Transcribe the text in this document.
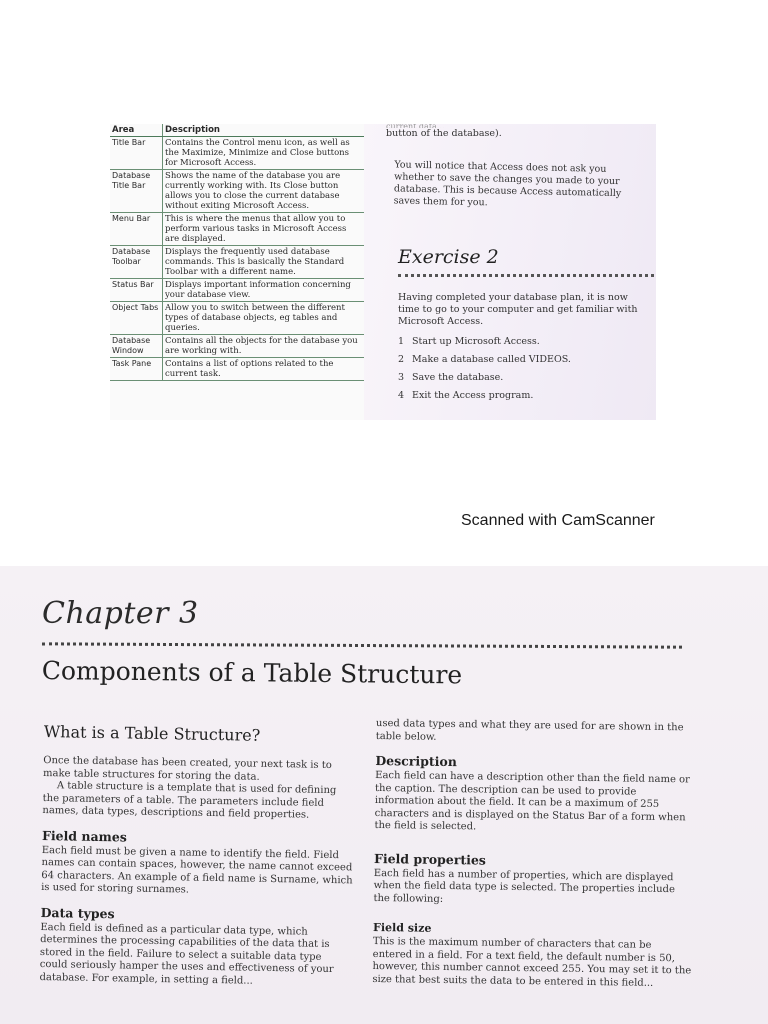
Area	Description
Title Bar	Contains the Control menu icon, as well as the Maximize, Minimize and Close buttons for Microsoft Access.
Database Title Bar	Shows the name of the database you are currently working with. Its Close button allows you to close the current database without exiting Microsoft Access.
Menu Bar	This is where the menus that allow you to perform various tasks in Microsoft Access are displayed.
Database Toolbar	Displays the frequently used database commands. This is basically the Standard Toolbar with a different name.
Status Bar	Displays important information concerning your database view.
Object Tabs	Allow you to switch between the different types of database objects, eg tables and queries.
Database Window	Contains all the objects for the database you are working with.
Task Pane	Contains a list of options related to the current task.
button of the database).
You will notice that Access does not ask you whether to save the changes you made to your database. This is because Access automatically saves them for you.
Exercise 2
Having completed your database plan, it is now time to go to your computer and get familiar with Microsoft Access.
1 Start up Microsoft Access.
2 Make a database called VIDEOS.
3 Save the database.
4 Exit the Access program.
Scanned with CamScanner
Chapter 3
Components of a Table Structure
What is a Table Structure?

Once the database has been created, your next task is to make table structures for storing the data.

A table structure is a template that is used for defining the parameters of a table. The parameters include field names, data types, descriptions and field properties.

Field names

Each field must be given a name to identify the field. Field names can contain spaces, however, the name cannot exceed 64 characters. An example of a field name is Surname, which is used for storing surnames.

Data types

Each field is defined as a particular data type, which determines the processing capabilities of the data that is stored in the field. Failure to select a suitable data type could seriously hamper the uses and effectiveness of your database. For example, in setting a field...

used data types and what they are used for are shown in the table below.

Description

Each field can have a description other than the field name or the caption. The description can be used to provide information about the field. It can be a maximum of 255 characters and is displayed on the Status Bar of a form when the field is selected.

Field properties

Each field has a number of properties, which are displayed when the field data type is selected. The properties include the following:

Field size

This is the maximum number of characters that can be entered in a field. For a text field, the default number is 50, however, this number cannot exceed 255. You may set it to the size that best suits the data to be entered in this field...
